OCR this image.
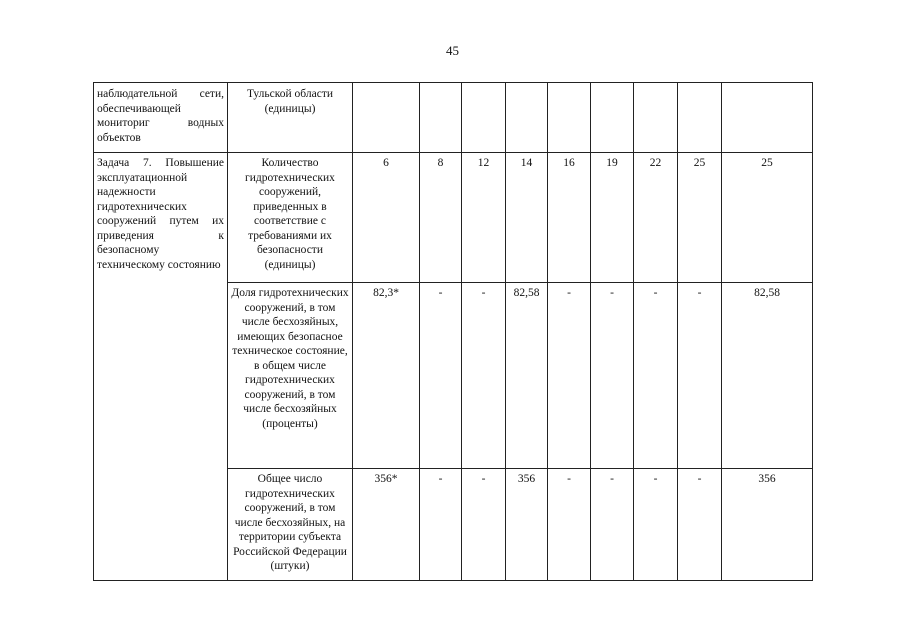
45
наблюдательной сети, обеспечивающей мониториг водных объектов	Тульской области (единицы)									
Задача 7. Повышение эксплуатационной надежности гидротехнических сооружений путем их приведения к безопасному техническому состоянию	Количество гидротехнических сооружений, приведенных в соответствие с требованиями их безопасности (единицы)	6	8	12	14	16	19	22	25	25
	Доля гидротехнических сооружений, в том числе бесхозяйных, имеющих безопасное техническое состояние, в общем числе гидротехнических сооружений, в том числе бесхозяйных (проценты)	82,3*	-	-	82,58	-	-	-	-	82,58
	Общее число гидротехнических сооружений, в том числе бесхозяйных, на территории субъекта Российской Федерации (штуки)	356*	-	-	356	-	-	-	-	356
